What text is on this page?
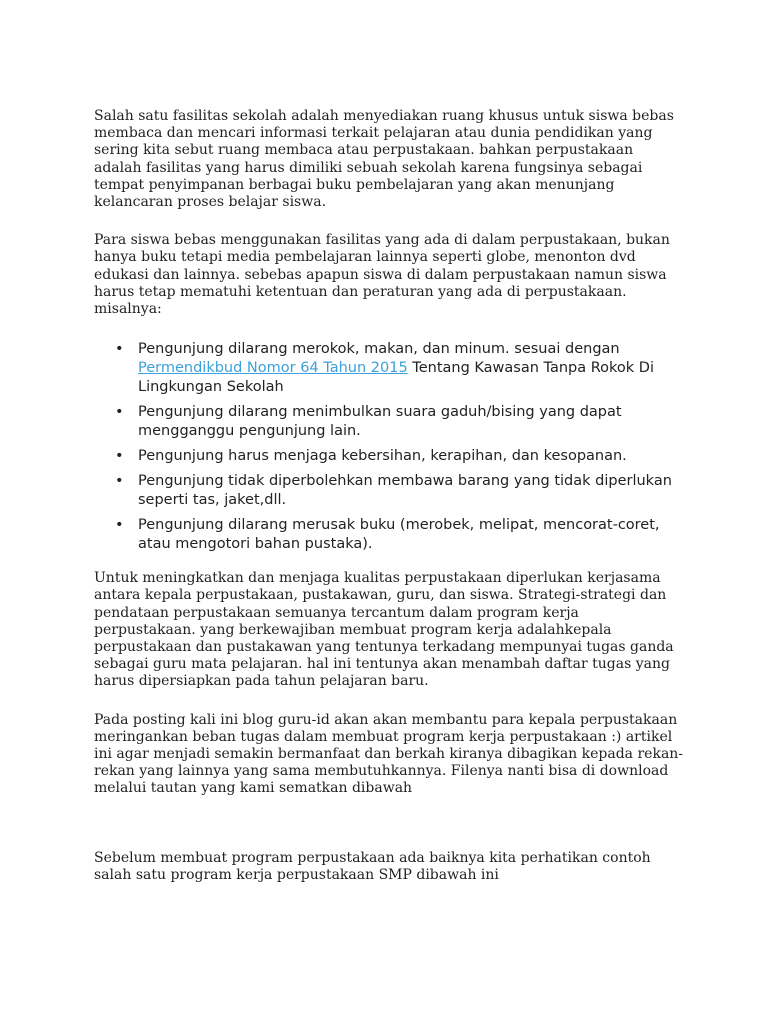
Salah satu fasilitas sekolah adalah menyediakan ruang khusus untuk siswa bebas membaca dan mencari informasi terkait pelajaran atau dunia pendidikan yang sering kita sebut ruang membaca atau perpustakaan. bahkan perpustakaan adalah fasilitas yang harus dimiliki sebuah sekolah karena fungsinya sebagai tempat penyimpanan berbagai buku pembelajaran yang akan menunjang kelancaran proses belajar siswa.

Para siswa bebas menggunakan fasilitas yang ada di dalam perpustakaan, bukan hanya buku tetapi media pembelajaran lainnya seperti globe, menonton dvd edukasi dan lainnya. sebebas apapun siswa di dalam perpustakaan namun siswa harus tetap mematuhi ketentuan dan peraturan yang ada di perpustakaan. misalnya:

• Pengunjung dilarang merokok, makan, dan minum. sesuai dengan Permendikbud Nomor 64 Tahun 2015 Tentang Kawasan Tanpa Rokok Di Lingkungan Sekolah
• Pengunjung dilarang menimbulkan suara gaduh/bising yang dapat mengganggu pengunjung lain.
• Pengunjung harus menjaga kebersihan, kerapihan, dan kesopanan.
• Pengunjung tidak diperbolehkan membawa barang yang tidak diperlukan seperti tas, jaket,dll.
• Pengunjung dilarang merusak buku (merobek, melipat, mencorat-coret, atau mengotori bahan pustaka).

Untuk meningkatkan dan menjaga kualitas perpustakaan diperlukan kerjasama antara kepala perpustakaan, pustakawan, guru, dan siswa. Strategi-strategi dan pendataan perpustakaan semuanya tercantum dalam program kerja perpustakaan. yang berkewajiban membuat program kerja adalahkepala perpustakaan dan pustakawan yang tentunya terkadang mempunyai tugas ganda sebagai guru mata pelajaran. hal ini tentunya akan menambah daftar tugas yang harus dipersiapkan pada tahun pelajaran baru.

Pada posting kali ini blog guru-id akan akan membantu para kepala perpustakaan meringankan beban tugas dalam membuat program kerja perpustakaan :) artikel ini agar menjadi semakin bermanfaat dan berkah kiranya dibagikan kepada rekan-rekan yang lainnya yang sama membutuhkannya. Filenya nanti bisa di download melalui tautan yang kami sematkan dibawah

Sebelum membuat program perpustakaan ada baiknya kita perhatikan contoh salah satu program kerja perpustakaan SMP dibawah ini
